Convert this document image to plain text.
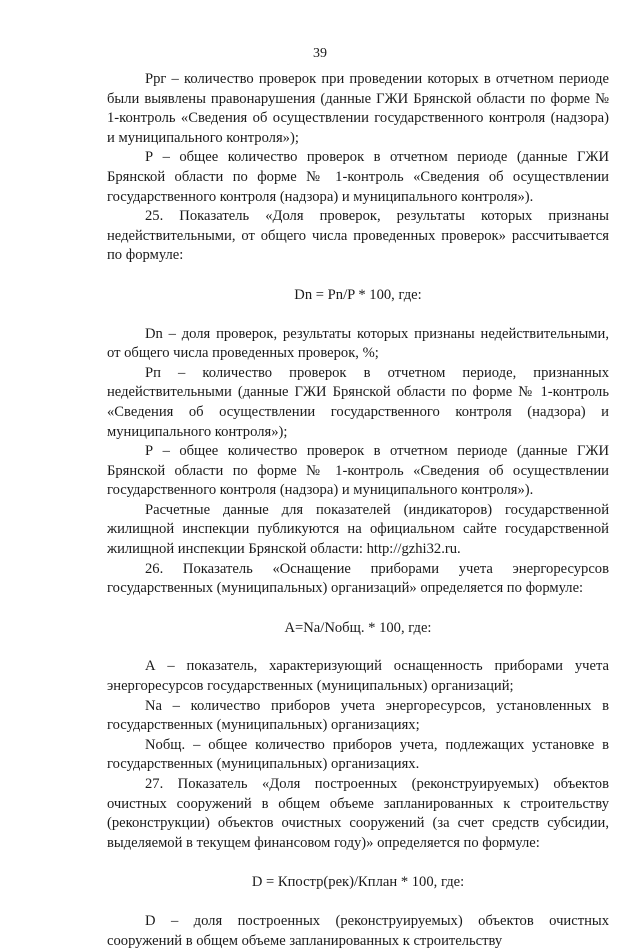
39

Ррг – количество проверок при проведении которых в отчетном периоде были выявлены правонарушения (данные ГЖИ Брянской области по форме № 1-контроль «Сведения об осуществлении государственного контроля (надзора) и муниципального контроля»);

Р – общее количество проверок в отчетном периоде (данные ГЖИ Брянской области по форме № 1-контроль «Сведения об осуществлении государственного контроля (надзора) и муниципального контроля»).

25. Показатель «Доля проверок, результаты которых признаны недействительными, от общего числа проведенных проверок» рассчитывается по формуле:

Dn = Pn/P * 100, где:

Dn – доля проверок, результаты которых признаны недействительными, от общего числа проведенных проверок, %;

Рп – количество проверок в отчетном периоде, признанных недействительными (данные ГЖИ Брянской области по форме № 1-контроль «Сведения об осуществлении государственного контроля (надзора) и муниципального контроля»);

Р – общее количество проверок в отчетном периоде (данные ГЖИ Брянской области по форме № 1-контроль «Сведения об осуществлении государственного контроля (надзора) и муниципального контроля»).

Расчетные данные для показателей (индикаторов) государственной жилищной инспекции публикуются на официальном сайте государственной жилищной инспекции Брянской области: http://gzhi32.ru.

26. Показатель «Оснащение приборами учета энергоресурсов государственных (муниципальных) организаций» определяется по формуле:

A=Na/Nобщ. * 100, где:

А – показатель, характеризующий оснащенность приборами учета энергоресурсов государственных (муниципальных) организаций;

Na – количество приборов учета энергоресурсов, установленных в государственных (муниципальных) организациях;

Nобщ. – общее количество приборов учета, подлежащих установке в государственных (муниципальных) организациях.

27. Показатель «Доля построенных (реконструируемых) объектов очистных сооружений в общем объеме запланированных к строительству (реконструкции) объектов очистных сооружений (за счет средств субсидии, выделяемой в текущем финансовом году)» определяется по формуле:

D = Кпостр(рек)/Кплан * 100, где:

D – доля построенных (реконструируемых) объектов очистных сооружений в общем объеме запланированных к строительству
